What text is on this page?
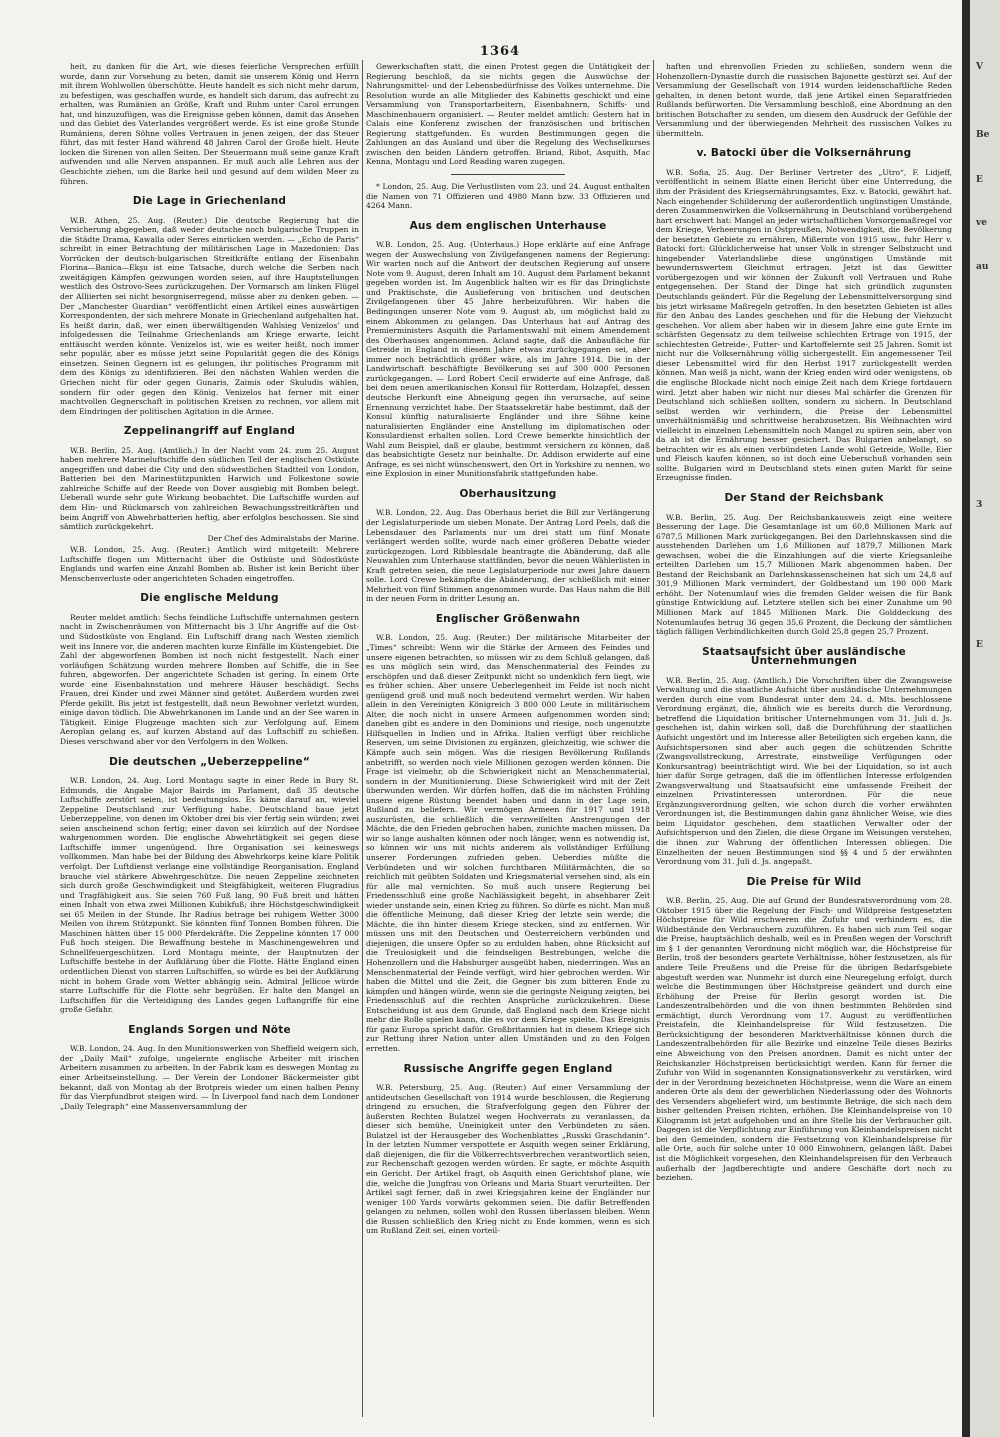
1364

heit, zu danken für die Art, wie dieses feierliche Versprechen erfüllt wurde, dann zur Vorsehung zu beten, damit sie unserem König und Herrn mit ihrem Wohlwollen überschütte. Heute handelt es sich nicht mehr darum, zu befestigen, was geschaffen wurde, es handelt sich darum, das aufrecht zu erhalten, was Rumänien an Größe, Kraft und Ruhm unter Carol errungen hat, und hinzuzufügen, was die Ereignisse geben können, damit das Ansehen und das Gebiet des Vaterlandes vergrößert werde. Es ist eine große Stunde Rumäniens, deren Söhne volles Vertrauen in jenen zeigen, der das Steuer führt, das mit fester Hand während 48 Jahren Carol der Große hielt. Heute locken die Sirenen von allen Seiten. Der Steuermann muß seine ganze Kraft aufwenden und alle Nerven anspannen. Er muß auch alle Lehren aus der Geschichte ziehen, um die Barke heil und gesund auf dem wilden Meer zu führen.

Die Lage in Griechenland

W.B. Athen, 25. Aug. (Reuter.) Die deutsche Regierung hat die Versicherung abgegeben, daß weder deutsche noch bulgarische Truppen in die Städte Drama, Kawalla oder Seres einrücken werden. — „Echo de Paris“ schreibt in einer Betrachtung der militärischen Lage in Mazedonien: Das Vorrücken der deutsch-bulgarischen Streitkräfte entlang der Eisenbahn Florina—Banica—Ekşu ist eine Tatsache, durch welche die Serben nach zweitägigen Kämpfen gezwungen worden seien, auf ihre Hauptstellungen westlich des Ostrovo-Sees zurückzugehen. Der Vormarsch am linken Flügel der Alliierten sei nicht besorgniserregend, müsse aber zu denken geben. — Der „Manchester Guardian“ veröffentlicht einen Artikel eines auswärtigen Korrespondenten, der sich mehrere Monate in Griechenland aufgehalten hat. Es heißt darin, daß, wer einen überwältigenden Wahlsieg Venizelos’ und infolgedessen die Teilnahme Griechenlands am Kriege erwarte, leicht enttäuscht werden könnte. Venizelos ist, wie es weiter heißt, noch immer sehr populär, aber es müsse jetzt seine Popularität gegen die des Königs einsetzen. Seinen Gegnern ist es gelungen, ihr politisches Programm mit dem des Königs zu identifizieren. Bei den nächsten Wahlen werden die Griechen nicht für oder gegen Gunaris, Zaimis oder Skuludis wählen, sondern für oder gegen den König. Venizelos hat ferner mit einer machtvollen Gegnerschaft in politischen Kreisen zu rechnen, vor allem mit dem Eindringen der politischen Agitation in die Armee.

Zeppelinangriff auf England

W.B. Berlin, 25. Aug. (Amtlich.) In der Nacht vom 24. zum 25. August haben mehrere Marineluftschiffe den südlichen Teil der englischen Ostküste angegriffen und dabei die City und den südwestlichen Stadtteil von London, Batterien bei den Marinestützpunkten Harwich und Folkestone sowie zahlreiche Schiffe auf der Reede von Dover ausgiebig mit Bomben belegt. Ueberall wurde sehr gute Wirkung beobachtet. Die Luftschiffe wurden auf dem Hin- und Rückmarsch von zahlreichen Bewachungsstreitkräften und beim Angriff von Abwehrbatterien heftig, aber erfolglos beschossen. Sie sind sämtlich zurückgekehrt.

Der Chef des Admiralstabs der Marine.

W.B. London, 25. Aug. (Reuter.) Amtlich wird mitgeteilt: Mehrere Luftschiffe flogen um Mitternacht über die Ostküste und Südostküste Englands und warfen eine Anzahl Bomben ab. Bisher ist kein Bericht über Menschenverluste oder angerichteten Schaden eingetroffen.

Die englische Meldung

Reuter meldet amtlich: Sechs feindliche Luftschiffe unternahmen gestern nacht in Zwischenräumen von Mitternacht bis 3 Uhr Angriffe auf die Ost- und Südostküste von England. Ein Luftschiff drang nach Westen ziemlich weit ins Innere vor, die anderen machten kurze Einfälle im Küstengebiet. Die Zahl der abgeworfenen Bomben ist noch nicht festgestellt. Nach einer vorläufigen Schätzung wurden mehrere Bomben auf Schiffe, die in See fuhren, abgeworfen. Der angerichtete Schaden ist gering. In einem Orte wurde eine Eisenbahnstation und mehrere Häuser beschädigt. Sechs Frauen, drei Kinder und zwei Männer sind getötet. Außerdem wurden zwei Pferde gekillt. Bis jetzt ist festgestellt, daß neun Bewohner verletzt wurden, einige davon tödlich. Die Abwehrkanonen im Lande und an der See waren in Tätigkeit. Einige Flugzeuge machten sich zur Verfolgung auf. Einem Aeroplan gelang es, auf kurzen Abstand auf das Luftschiff zu schießen. Dieses verschwand aber vor den Verfolgern in den Wolken.

Die deutschen „Ueberzeppeline“

W.B. London, 24. Aug. Lord Montagu sagte in einer Rede in Bury St. Edmunds, die Angabe Major Bairds im Parlament, daß 35 deutsche Luftschiffe zerstört seien, ist bedeutungslos. Es käme darauf an, wieviel Zeppeline Deutschland zur Verfügung habe. Deutschland baue jetzt Ueberzeppeline, von denen im Oktober drei bis vier fertig sein würden; zwei seien anscheinend schon fertig; einer davon sei kürzlich auf der Nordsee wahrgenommen worden. Die englische Abwehrtätigkeit sei gegen diese Luftschiffe immer ungenügend. Ihre Organisation sei keineswegs vollkommen. Man habe bei der Bildung des Abwehrkorps keine klare Politik verfolgt. Der Luftdienst verlange eine vollständige Reorganisation. England brauche viel stärkere Abwehrgeschütze. Die neuen Zeppeline zeichneten sich durch große Geschwindigkeit und Steigfähigkeit, weiteren Flugradius und Tragfähigkeit aus. Sie seien 760 Fuß lang, 90 Fuß breit und hätten einen Inhalt von etwa zwei Millionen Kubikfuß; ihre Höchstgeschwindigkeit sei 65 Meilen in der Stunde. Ihr Radius betrage bei ruhigem Wetter 3000 Meilen von ihrem Stützpunkt. Sie könnten fünf Tonnen Bomben führen. Die Maschinen hätten über 15 000 Pferdekräfte. Die Zeppeline könnten 17 000 Fuß hoch steigen. Die Bewaffnung bestehe in Maschinengewehren und Schnellfeuergeschützen. Lord Montagu meinte, der Hauptnutzen der Luftschiffe bestehe in der Aufklärung über die Flotte. Hätte England einen ordentlichen Dienst von starren Luftschiffen, so würde es bei der Aufklärung nicht in hohem Grade vom Wetter abhängig sein. Admiral Jellicoe würde starre Luftschiffe für die Flotte sehr begrüßen. Er halte den Mangel an Luftschiffen für die Verteidigung des Landes gegen Luftangriffe für eine große Gefahr.

Englands Sorgen und Nöte

W.B. London, 24. Aug. In den Munitionswerken von Sheffield weigern sich, der „Daily Mail“ zufolge, ungelernte englische Arbeiter mit irischen Arbeitern zusammen zu arbeiten. In der Fabrik kam es deswegen Montag zu einer Arbeitseinstellung. — Der Verein der Londoner Bäckermeister gibt bekannt, daß von Montag ab der Brotpreis wieder um einen halben Penny für das Vierpfundbrot steigen wird. — In Liverpool fand nach dem Londoner „Daily Telegraph“ eine Massenversammlung der

Gewerkschaften statt, die einen Protest gegen die Untätigkeit der Regierung beschloß, da sie nichts gegen die Auswüchse der Nahrungsmittel- und der Lebensbedürfnisse des Volkes unternehme. Die Resolution wurde an alle Mitglieder des Kabinetts geschickt und eine Versammlung von Transportarbeitern, Eisenbahnern, Schiffs- und Maschinenbauern organisiert. — Reuter meldet amtlich: Gestern hat in Calais eine Konferenz zwischen der französischen und britischen Regierung stattgefunden. Es wurden Bestimmungen gegen die Zahlungen an das Ausland und über die Regelung des Wechselkurses zwischen den beiden Ländern getroffen. Briand, Ribot, Asquith, Mac Kenna, Montagu und Lord Reading waren zugegen.

* London, 25. Aug. Die Verlustlisten vom 23. und 24. August enthalten die Namen von 71 Offizieren und 4980 Mann bzw. 33 Offizieren und 4264 Mann.

Aus dem englischen Unterhause

W.B. London, 25. Aug. (Unterhaus.) Hope erklärte auf eine Anfrage wegen der Auswechslung von Zivilgefangenen namens der Regierung: Wir warten noch auf die Antwort der deutschen Regierung auf unsere Note vom 9. August, deren Inhalt am 10. August dem Parlament bekannt gegeben worden ist. Im Augenblick halten wir es für das Dringlichste und Praktischste, die Auslieferung von britischen und deutschen Zivilgefangenen über 45 Jahre herbeizuführen. Wir haben die Bedingungen unserer Note vom 9. August ab, um möglichst bald zu einem Abkommen zu gelangen. Das Unterhaus hat auf Antrag des Premierministers Asquith die Parlamentswahl mit einem Amendement des Oberhauses angenommen. Acland sagte, daß die Anbaufläche für Getreide in England in diesem Jahre etwas zurückgegangen sei, aber immer noch beträchtlich größer wäre, als im Jahre 1914. Die in der Landwirtschaft beschäftigte Bevölkerung sei auf 300 000 Personen zurückgegangen. — Lord Robert Cecil erwiderte auf eine Anfrage, daß bei dem neuen amerikanischen Konsul für Rotterdam, Holzapfel, dessen deutsche Herkunft eine Abneigung gegen ihn verursache, auf seine Ernennung verzichtet habe. Der Staatssekretär habe bestimmt, daß der Konsul künftig naturalisierte Engländer und ihre Söhne keine naturalisierten Engländer eine Anstellung im diplomatischen oder Konsulardienst erhalten sollen. Lord Crewe bemerkte hinsichtlich der Wahl zum Beispiel, daß er glaube, bestimmt versichern zu können, daß das beabsichtigte Gesetz nur beinhalte. Dr. Addison erwiderte auf eine Anfrage, es sei nicht wünschenswert, den Ort in Yorkshire zu nennen, wo eine Explosion in einer Munitionsfabrik stattgefunden habe.

Oberhausitzung

W.B. London, 22. Aug. Das Oberhaus beriet die Bill zur Verlängerung der Legislaturperiode um sieben Monate. Der Antrag Lord Peels, daß die Lebensdauer des Parlaments nur um drei statt um fünf Monate verlängert werden sollte, wurde nach einer größeren Debatte wieder zurückgezogen. Lord Ribblesdale beantragte die Abänderung, daß alle Neuwahlen zum Unterhause stattfänden, bevor die neuen Wählerlisten in Kraft getreten seien, die neue Legislaturperiode nur zwei Jahre dauern solle. Lord Crewe bekämpfte die Abänderung, der schließlich mit einer Mehrheit von fünf Stimmen angenommen wurde. Das Haus nahm die Bill in der neuen Form in dritter Lesung an.

Englischer Größenwahn

W.B. London, 25. Aug. (Reuter.) Der militärische Mitarbeiter der „Times“ schreibt: Wenn wir die Stärke der Armeen des Feindes und unsere eigenen betrachten, so müssen wir zu dem Schluß gelangen, daß es uns möglich sein wird, das Menschenmaterial des Feindes zu erschöpfen und daß dieser Zeitpunkt nicht so undenklich fern liegt, wie es früher schien. Aber unsere Ueberlegenheit im Felde ist noch nicht genügend groß und muß noch bedeutend vermehrt werden. Wir haben allein in den Vereinigten Königreich 3 800 000 Leute in militärischem Alter, die noch nicht in unsere Armeen aufgenommen worden sind; daneben gibt es andere in den Dominions und riesige, noch ungenutzte Hilfsquellen in Indien und in Afrika. Italien verfügt über reichliche Reserven, um seine Divisionen zu ergänzen, gleichzeitig, wie schwer die Kämpfe auch sein mögen. Was die riesigen Bevölkerung Rußlands anbetrifft, so werden noch viele Millionen gezogen werden können. Die Frage ist vielmehr, ob die Schwierigkeit nicht an Menschenmaterial, sondern in der Munitionierung. Diese Schwierigkeit wird mit der Zeit überwunden werden. Wir dürfen hoffen, daß die im nächsten Frühling unsere eigene Rüstung beendet haben und dann in der Lage sein, Rußland zu beliefern. Wir vermögen Armeen für 1917 und 1918 auszurüsten, die schließlich die verzweifelten Anstrengungen der Mächte, die den Frieden gebrochen haben, zunichte machen müssen. Da wir so lange aushalten können oder noch länger, wenn es notwendig ist, so können wir uns mit nichts anderem als vollständiger Erfüllung unserer Forderungen zufrieden geben. Ueberdies müßte die Verbündeten und wir solchen furchtbaren Militärmächten, die so reichlich mit geübten Soldaten und Kriegsmaterial versehen sind, als ein für alle mal vernichten. So muß auch unsere Regierung bei Friedensschluß eine große Nachlässigkeit begeht, in absehbarer Zeit wieder unstande sein, einen Krieg zu führen. So dürfe es nicht. Man muß die öffentliche Meinung, daß dieser Krieg der letzte sein werde; die Mächte, die ihn hinter diesem Kriege stecken, sind zu entfernen. Wir müssen uns mit den Deutschen und Oesterreichern verbünden und diejenigen, die unsere Opfer so zu erdulden haben, ohne Rücksicht auf die Treulosigkeit und die feindseligen Bestrebungen, welche die Hohenzollern und die Habsburger ausgeübt haben, niederringen. Was an Menschenmaterial der Feinde verfügt, wird hier gebrochen werden. Wir haben die Mittel und die Zeit, die Gegner bis zum bitteren Ende zu kämpfen und hängen würde, wenn sie die geringste Neigung zeigten, bei Friedensschluß auf die rechten Ansprüche zurückzukehren. Diese Entscheidung ist aus dem Grunde, daß England nach dem Kriege nicht mehr die Rolle spielen kann, die es vor dem Kriege spielte. Das Ereignis für ganz Europa spricht dafür. Großbritannien hat in diesem Kriege sich zur Rettung ihrer Nation unter allen Umständen und zu den Folgen erretten.

Russische Angriffe gegen England

W.B. Petersburg, 25. Aug. (Reuter.) Auf einer Versammlung der antideutschen Gesellschaft von 1914 wurde beschlossen, die Regierung dringend zu ersuchen, die Strafverfolgung gegen den Führer der äußersten Rechten Bulatzel wegen Hochverrats zu veranlassen, da dieser sich bemühe, Uneinigkeit unter den Verbündeten zu säen. Bulatzel ist der Herausgeber des Wochenblattes „Russki Graschdanin“. In der letzten Nummer verspottete er Asquith wegen seiner Erklärung, daß diejenigen, die für die Völkerrechtsverbrechen verantwortlich seien, zur Rechenschaft gezogen werden würden. Er sagte, er möchte Asquith ein Gericht. Der Artikel fragt, ob Asquith einen Gerichtshof plane, wie die, welche die Jungfrau von Orleans und Maria Stuart verurteilten. Der Artikel sagt ferner, daß in zwei Kriegsjahren keine der Engländer nur weniger 100 Yards vorwärts gekommen seien. Die dafür Betreffenden gelangen zu nehmen, sollen wohl den Russen überlassen bleiben. Wenn die Russen schließlich den Krieg nicht zu Ende kommen, wenn es sich um Rußland Zeit sei, einen vorteil-

haften und ehrenvollen Frieden zu schließen, sondern wenn die Hohenzollern-Dynastie durch die russischen Bajonette gestürzt sei. Auf der Versammlung der Gesellschaft von 1914 wurden leidenschaftliche Reden gehalten, in denen betont wurde, daß jene Artikel einen Separatfrieden Rußlands befürworten. Die Versammlung beschloß, eine Abordnung an den britischen Botschafter zu senden, um diesem den Ausdruck der Gefühle der Versammlung und der überwiegenden Mehrheit des russischen Volkes zu übermitteln.

v. Batocki über die Volksernährung

W.B. Sofia, 25. Aug. Der Berliner Vertreter des „Utro“, F. Lidjeff, veröffentlicht in seinem Blatte einen Bericht über eine Unterredung, die ihm der Präsident des Kriegsernährungsamtes, Exz. v. Batocki, gewährt hat. Nach eingehender Schilderung der außerordentlich ungünstigen Umstände, deren Zusammenwirken die Volksernährung in Deutschland vorübergehend hart erschwert hat: Mangel an jeder wirtschaftlichen Vorsorgemaßregel vor dem Kriege, Verheerungen in Ostpreußen, Notwendigkeit, die Bevölkerung der besetzten Gebiete zu ernähren, Mißernte von 1915 usw., fuhr Herr v. Batocki fort: Glücklicherweise hat unser Volk in strenger Selbstzucht und hingebender Vaterlandsliebe diese ungünstigen Umstände mit bewundernswertem Gleichmut ertragen. Jetzt ist das Gewitter vorübergezogen und wir können der Zukunft voll Vertrauen und Ruhe entgegensehen. Der Stand der Dinge hat sich gründlich zugunsten Deutschlands geändert. Für die Regelung der Lebensmittelversorgung sind bis jetzt wirksame Maßregeln getroffen. In den besetzten Gebieten ist alles für den Anbau des Landes geschehen und für die Hebung der Viehzucht geschehen. Vor allem aber haben wir in diesem Jahre eine gute Ernte im schärfsten Gegensatz zu dem teilweise schlechten Ertrage von 1915, der schlechtesten Getreide-, Futter- und Kartoffelernte seit 25 Jahren. Somit ist nicht nur die Volksernährung völlig sichergestellt. Ein angemessener Teil dieser Lebensmittel wird für den Herbst 1917 zurückgestellt werden können. Man weiß ja nicht, wann der Krieg enden wird oder wenigstens, ob die englische Blockade nicht noch einige Zeit nach dem Kriege fortdauern wird. Jetzt aber haben wir nicht nur dieses Mal schärfer die Grenzen für Deutschland sich schließen sollten, sondern zu sichern. In Deutschland selbst werden wir verhindern, die Preise der Lebensmittel unverhältnismäßig und schrittweise herabzusetzen. Bis Weihnachten wird vielleicht in einzelnen Lebensmitteln noch Mangel zu spüren sein, aber von da ab ist die Ernährung besser gesichert. Das Bulgarien anbelangt, so betrachten wir es als einen verbündeten Lande wohl Getreide, Wolle, Eier und Fleisch kaufen können, so ist doch eine Ueberschuß vorhanden sein sollte. Bulgarien wird in Deutschland stets einen guten Markt für seine Erzeugnisse finden.

Der Stand der Reichsbank

W.B. Berlin, 25. Aug. Der Reichsbankausweis zeigt eine weitere Besserung der Lage. Die Gesamtanlage ist um 60,8 Millionen Mark auf 6787,5 Millionen Mark zurückgegangen. Bei den Darlehnskassen sind die ausstehenden Darlehen um 1,6 Millionen auf 1879,7 Millionen Mark gewachsen, wobei die die Einzahlungen auf die vierte Kriegsanleihe erteilten Darlehen um 15,7 Millionen Mark abgenommen haben. Der Bestand der Reichsbank an Darlehnskassenscheinen hat sich um 24,8 auf 301,9 Millionen Mark vermindert, der Goldbestand um 190 000 Mark erhöht. Der Notenumlauf wies die fremden Gelder weisen die für Bank günstige Entwicklung auf. Letztere stellen sich bei einer Zunahme um 90 Millionen Mark auf 1845 Millionen Mark. Die Golddeckung des Notenumlaufes betrug 36 gegen 35,6 Prozent, die Deckung der sämtlichen täglich fälligen Verbindlichkeiten durch Gold 25,8 gegen 25,7 Prozent.

Staatsaufsicht über ausländische Unternehmungen

W.B. Berlin, 25. Aug. (Amtlich.) Die Vorschriften über die Zwangsweise Verwaltung und die staatliche Aufsicht über ausländische Unternehmungen werden durch eine vom Bundesrat unter dem 24. d. Mts. beschlossene Verordnung ergänzt, die, ähnlich wie es bereits durch die Verordnung, betreffend die Liquidation britischer Unternehmungen vom 31. Juli d. Js. geschehen ist, dahin wirken soll, daß die Durchführung der staatlichen Aufsicht ungestört und im Interesse aller Beteiligten sich ergeben kann, die Aufsichtspersonen sind aber auch gegen die schützenden Schritte (Zwangsvollstreckung, Arrestrate, einstweilige Verfügungen oder Konkursantrag) beeinträchtigt wird. Wie bei der Liquidation, so ist auch hier dafür Sorge getragen, daß die im öffentlichen Interesse erfolgenden Zwangsverwaltung und Staatsaufsicht eine umfassende Freiheit der einzelnen Privatinteressen unterordnen. Für die neue Ergänzungsverordnung gelten, wie schon durch die vorher erwähnten Verordnungen ist, die Bestimmungen dahin ganz ähnlicher Weise, wie dies beim Liquidator geschehen, dem staatlichen Verwalter oder der Aufsichtsperson und den Zielen, die diese Organe im Weisungen verstehen, die ihnen zur Wahrung der öffentlichen Interessen obliegen. Die Einzelheiten der neuen Bestimmungen sind §§ 4 und 5 der erwähnten Verordnung vom 31. Juli d. Js. angepaßt.

Die Preise für Wild

W.B. Berlin, 25. Aug. Die auf Grund der Bundesratsverordnung vom 28. Oktober 1915 über die Regelung der Fisch- und Wildpreise festgesetzten Höchstpreise für Wild erschweren die Zufuhr und verhindern es, die Wildbestände den Verbrauchern zuzuführen. Es haben sich zum Teil sogar die Preise, hauptsächlich deshalb, weil es in Preußen wegen der Vorschrift im § 1 der genannten Verordnung nicht möglich war, die Höchstpreise für Berlin, troß der besonders geartete Verhältnisse, höher festzusetzen, als für andere Teile Preußens und die Preise für die übrigen Bedarfsgebiete abgestuft werden war. Nunmehr ist durch eine Neuregelung erfolgt, durch welche die Bestimmungen über Höchstpreise geändert und durch eine Erhöhung der Preise für Berlin gesorgt worden ist. Die Landeszentralbehörden und die von ihnen bestimmten Behörden sind ermächtigt, durch Verordnung vom 17. August zu veröffentlichen Preistafeln, die Kleinhandelspreise für Wild festzusetzen. Die Berücksichtigung der besonderen Marktverhältnisse können durch die Landeszentralbehörden für alle Bezirke und einzelne Teile dieses Bezirks eine Abweichung von den Preisen anordnen. Damit es nicht unter der Reichskanzler Höchstpreisen berücksichtigt werden. Kann für ferner die Zufuhr von Wild in sogenannten Konsignationsverkehr zu verstärken, wird der in der Verordnung bezeichneten Höchstpreise, wenn die Ware an einem anderen Orte als dem der gewerblichen Niederlassung oder des Wohnorts des Versenders abgeliefert wird, um bestimmte Beträge, die sich nach dem bisher geltenden Preisen richten, erhöhen. Die Kleinhandelspreise von 10 Kilogramm ist jetzt aufgehoben und an ihre Stelle bis der Verbraucher gilt. Dagegen ist die Verpflichtung zur Einführung von Kleinhandelspreisen nicht bei den Gemeinden, sondern die Festsetzung von Kleinhandelspreise für alle Orte, auch für solche unter 10 000 Einwohnern, gelangen läßt. Dabei ist die Möglichkeit vorgesehen, den Kleinhandelspreisen für den Verbrauch außerhalb der Jagdberechtigte und andere Geschäfte dort noch zu beziehen.

V
Be
E
ve
au
3
E
